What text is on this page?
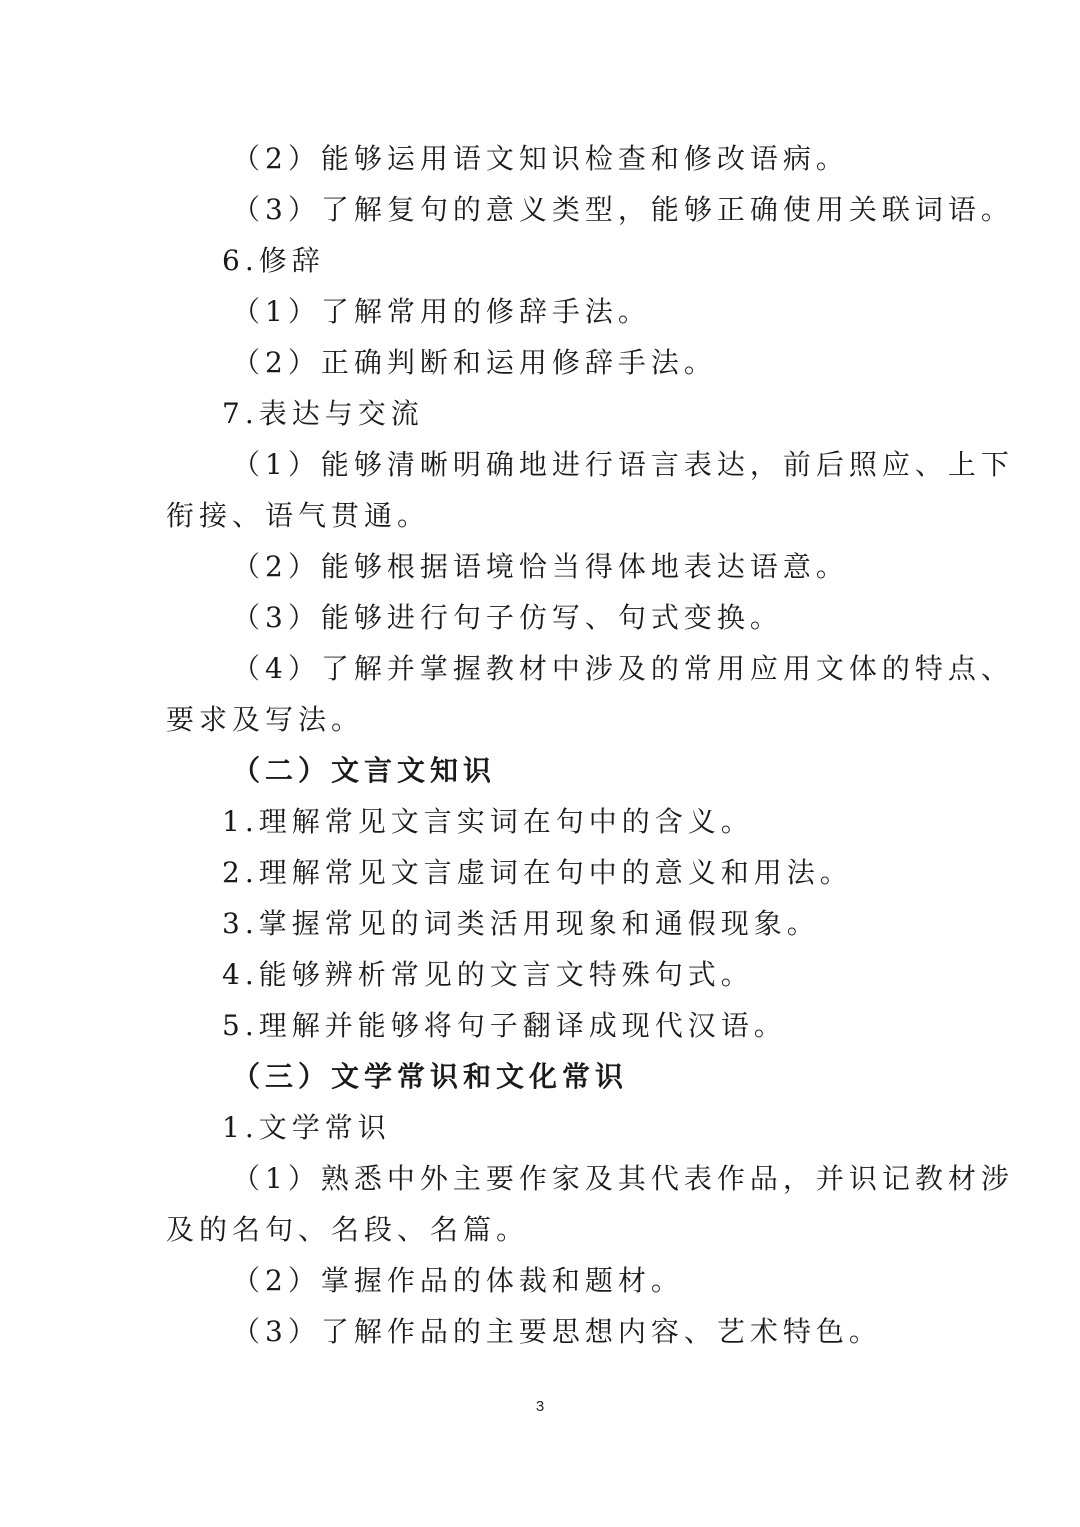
（2）能够运用语文知识检查和修改语病。
（3）了解复句的意义类型，能够正确使用关联词语。
6.修辞
（1）了解常用的修辞手法。
（2）正确判断和运用修辞手法。
7.表达与交流
（1）能够清晰明确地进行语言表达，前后照应、上下
衔接、语气贯通。
（2）能够根据语境恰当得体地表达语意。
（3）能够进行句子仿写、句式变换。
（4）了解并掌握教材中涉及的常用应用文体的特点、
要求及写法。
（二）文言文知识
1.理解常见文言实词在句中的含义。
2.理解常见文言虚词在句中的意义和用法。
3.掌握常见的词类活用现象和通假现象。
4.能够辨析常见的文言文特殊句式。
5.理解并能够将句子翻译成现代汉语。
（三）文学常识和文化常识
1.文学常识
（1）熟悉中外主要作家及其代表作品，并识记教材涉
及的名句、名段、名篇。
（2）掌握作品的体裁和题材。
（3）了解作品的主要思想内容、艺术特色。
3
